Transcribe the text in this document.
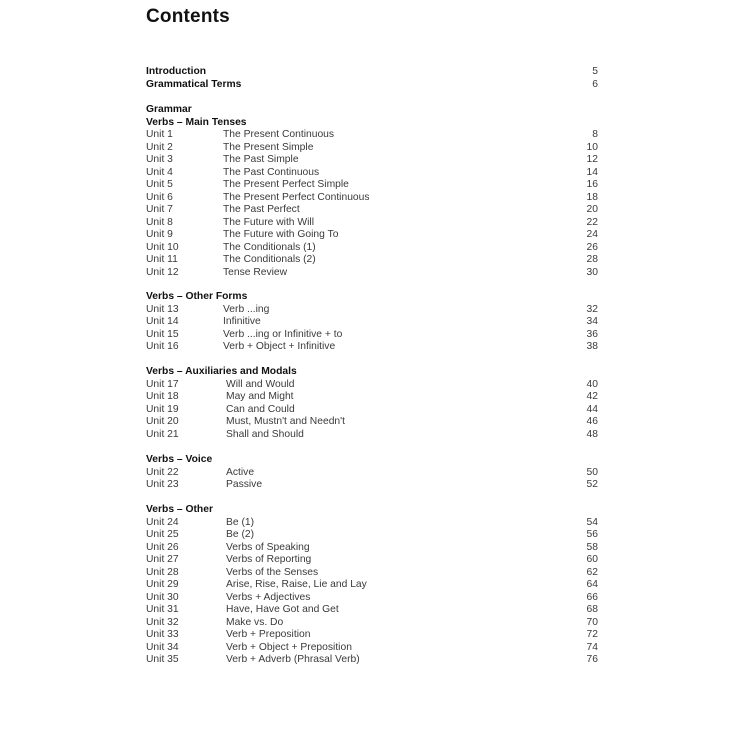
Contents
Introduction	5
Grammatical Terms	6
Grammar
Verbs – Main Tenses
Unit 1	The Present Continuous	8
Unit 2	The Present Simple	10
Unit 3	The Past Simple	12
Unit 4	The Past Continuous	14
Unit 5	The Present Perfect Simple	16
Unit 6	The Present Perfect Continuous	18
Unit 7	The Past Perfect	20
Unit 8	The Future with Will	22
Unit 9	The Future with Going To	24
Unit 10	The Conditionals (1)	26
Unit 11	The Conditionals (2)	28
Unit 12	Tense Review	30
Verbs – Other Forms
Unit 13	Verb ...ing	32
Unit 14	Infinitive	34
Unit 15	Verb ...ing or Infinitive + to	36
Unit 16	Verb + Object + Infinitive	38
Verbs – Auxiliaries and Modals
Unit 17	Will and Would	40
Unit 18	May and Might	42
Unit 19	Can and Could	44
Unit 20	Must, Mustn't and Needn't	46
Unit 21	Shall and Should	48
Verbs – Voice
Unit 22	Active	50
Unit 23	Passive	52
Verbs – Other
Unit 24	Be (1)	54
Unit 25	Be (2)	56
Unit 26	Verbs of Speaking	58
Unit 27	Verbs of Reporting	60
Unit 28	Verbs of the Senses	62
Unit 29	Arise, Rise, Raise, Lie and Lay	64
Unit 30	Verbs + Adjectives	66
Unit 31	Have, Have Got and Get	68
Unit 32	Make vs. Do	70
Unit 33	Verb + Preposition	72
Unit 34	Verb + Object + Preposition	74
Unit 35	Verb + Adverb (Phrasal Verb)	76
